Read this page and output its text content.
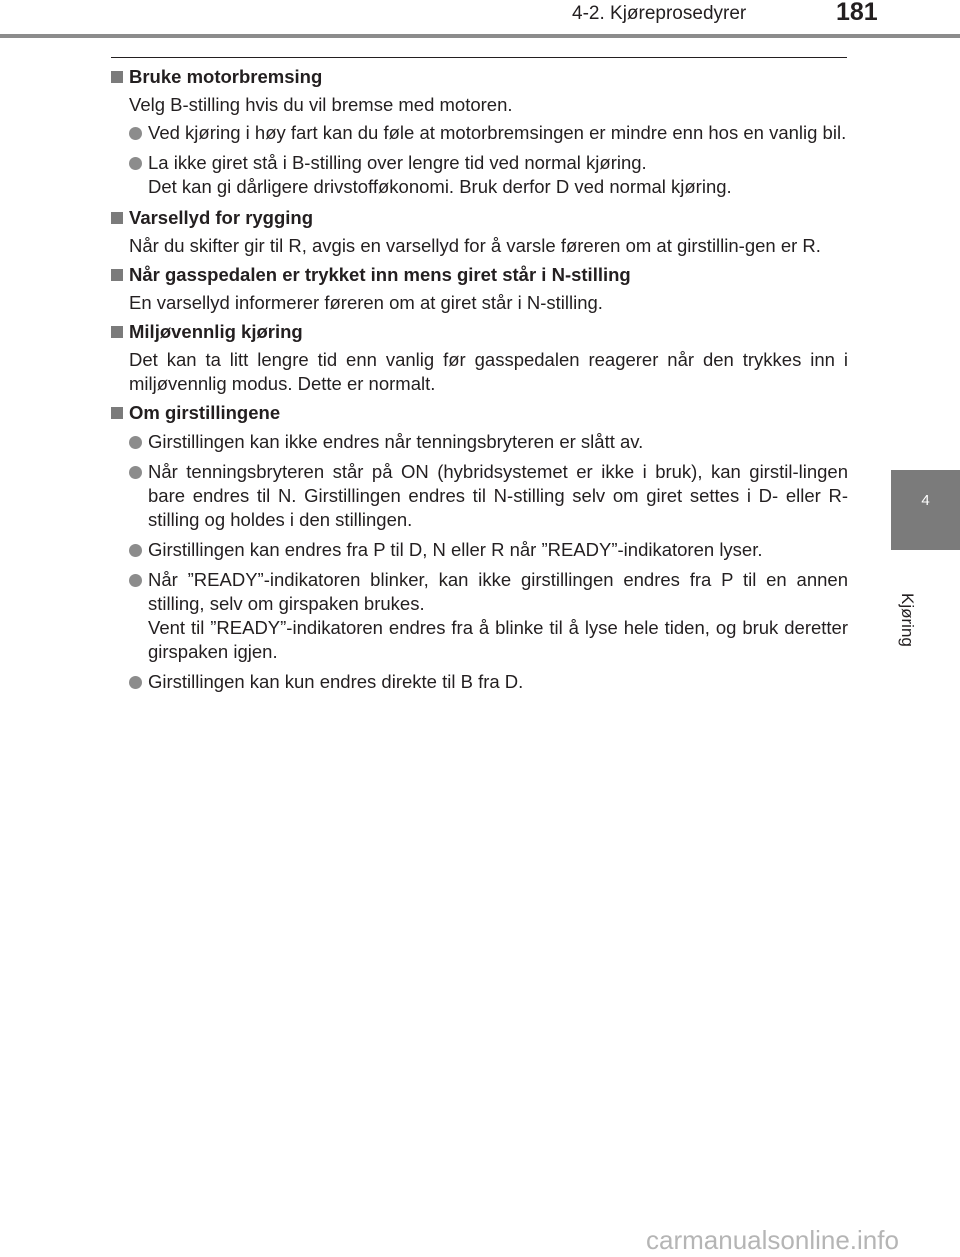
4-2. Kjøreprosedyrer	181
4
Kjøring
Bruke motorbremsing
Velg B-stilling hvis du vil bremse med motoren.

Ved kjøring i høy fart kan du føle at motorbremsingen er mindre enn hos en vanlig bil.

La ikke giret stå i B-stilling over lengre tid ved normal kjøring.

Det kan gi dårligere drivstofføkonomi. Bruk derfor D ved normal kjøring.

Varsellyd for rygging
Når du skifter gir til R, avgis en varsellyd for å varsle føreren om at girstillin-gen er R.
Når gasspedalen er trykket inn mens giret står i N-stilling
En varsellyd informerer føreren om at giret står i N-stilling.
Miljøvennlig kjøring
Det kan ta litt lengre tid enn vanlig før gasspedalen reagerer når den trykkes inn i miljøvennlig modus. Dette er normalt.
Om girstillingene

Girstillingen kan ikke endres når tenningsbryteren er slått av.

Når tenningsbryteren står på ON (hybridsystemet er ikke i bruk), kan girstil-lingen bare endres til N. Girstillingen endres til N-stilling selv om giret settes i D- eller R-stilling og holdes i den stillingen.

Girstillingen kan endres fra P til D, N eller R når ”READY”-indikatoren lyser.

Når ”READY”-indikatoren blinker, kan ikke girstillingen endres fra P til en annen stilling, selv om girspaken brukes.

Vent til ”READY”-indikatoren endres fra å blinke til å lyse hele tiden, og bruk deretter girspaken igjen.

Girstillingen kan kun endres direkte til B fra D.

carmanualsonline.info
